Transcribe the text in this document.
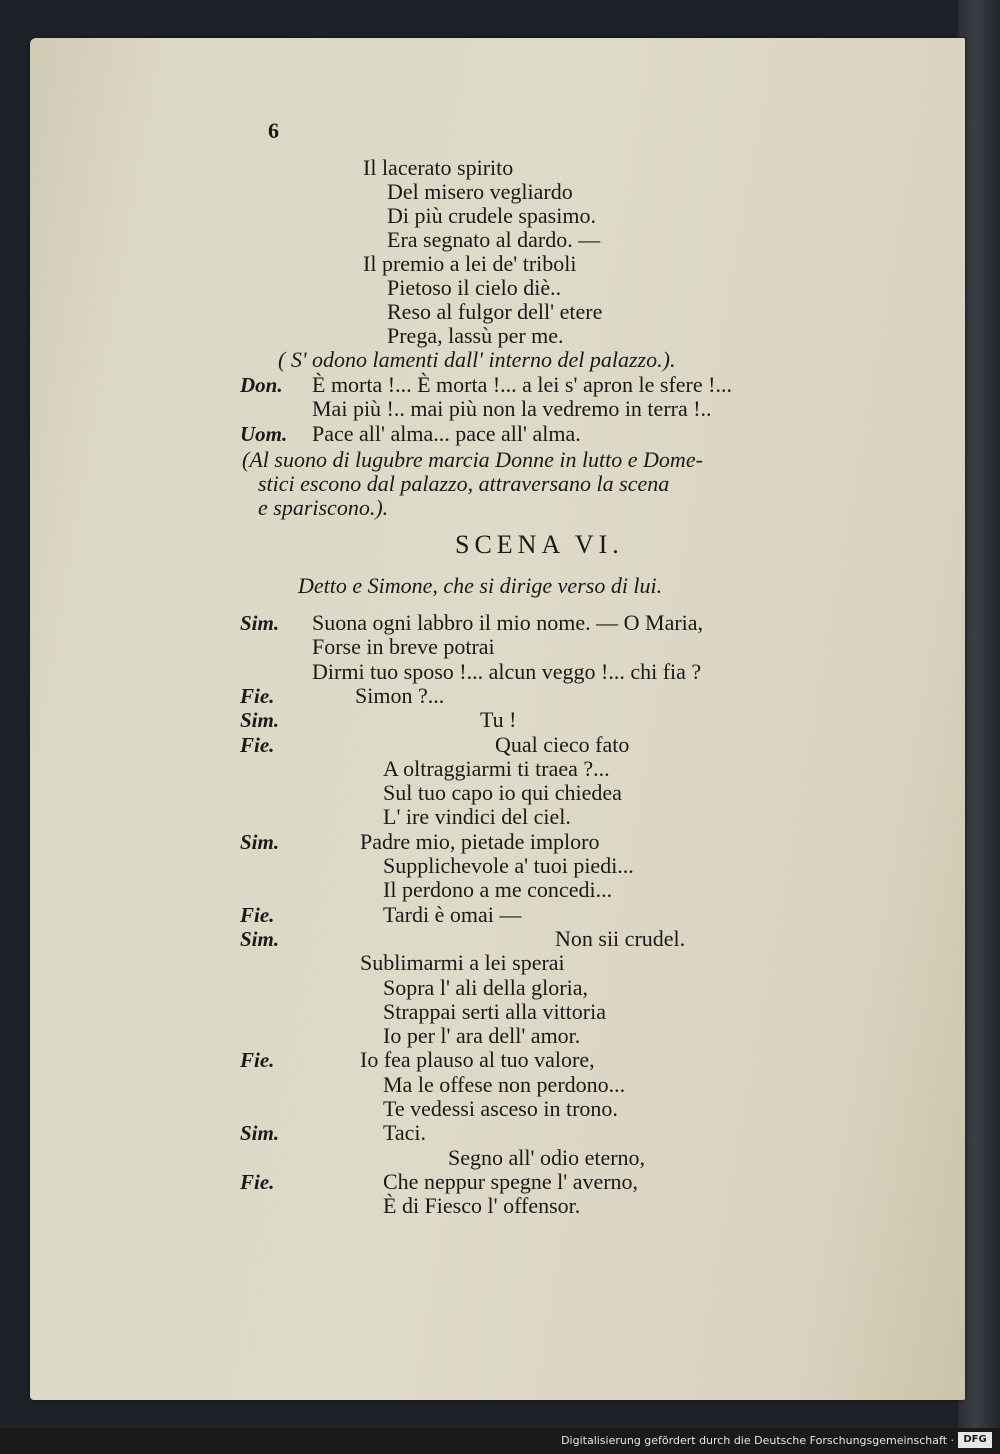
6
Il lacerato spirito
Del misero vegliardo
Di più crudele spasimo.
Era segnato al dardo. —
Il premio a lei de' triboli
Pietoso il cielo diè..
Reso al fulgor dell' etere
Prega, lassù per me.
( S' odono lamenti dall' interno del palazzo.).
Don. È morta !... È morta !... a lei s' apron le sfere !...
Mai più !.. mai più non la vedremo in terra !..
Uom. Pace all' alma... pace all' alma.
(Al suono di lugubre marcia Donne in lutto e Dome-
stici escono dal palazzo, attraversano la scena
e spariscono.).
SCENA VI.
Detto e Simone, che si dirige verso di lui.
Sim. Suona ogni labbro il mio nome. — O Maria,
Forse in breve potrai
Dirmi tuo sposo !... alcun veggo !... chi fia ?
Fie.	Simon ?...
Sim.	Tu !
Fie.	Qual cieco fato
A oltraggiarmi ti traea ?...
Sul tuo capo io qui chiedea
L' ire vindici del ciel.
Sim.	Padre mio, pietade imploro
Supplichevole a' tuoi piedi...
Il perdono a me concedi...
Fie.	Tardi è omai —
Sim.	Non sii crudel.
Sublimarmi a lei sperai
Sopra l' ali della gloria,
Strappai serti alla vittoria
Io per l' ara dell' amor.
Fie.	Io fea plauso al tuo valore,
Ma le offese non perdono...
Te vedessi asceso in trono.
Sim.	Taci.
Segno all' odio eterno,
Fie.	Che neppur spegne l' averno,
È di Fiesco l' offensor.
Digitalisierung gefördert durch die Deutsche Forschungsgemeinschaft · DFG
